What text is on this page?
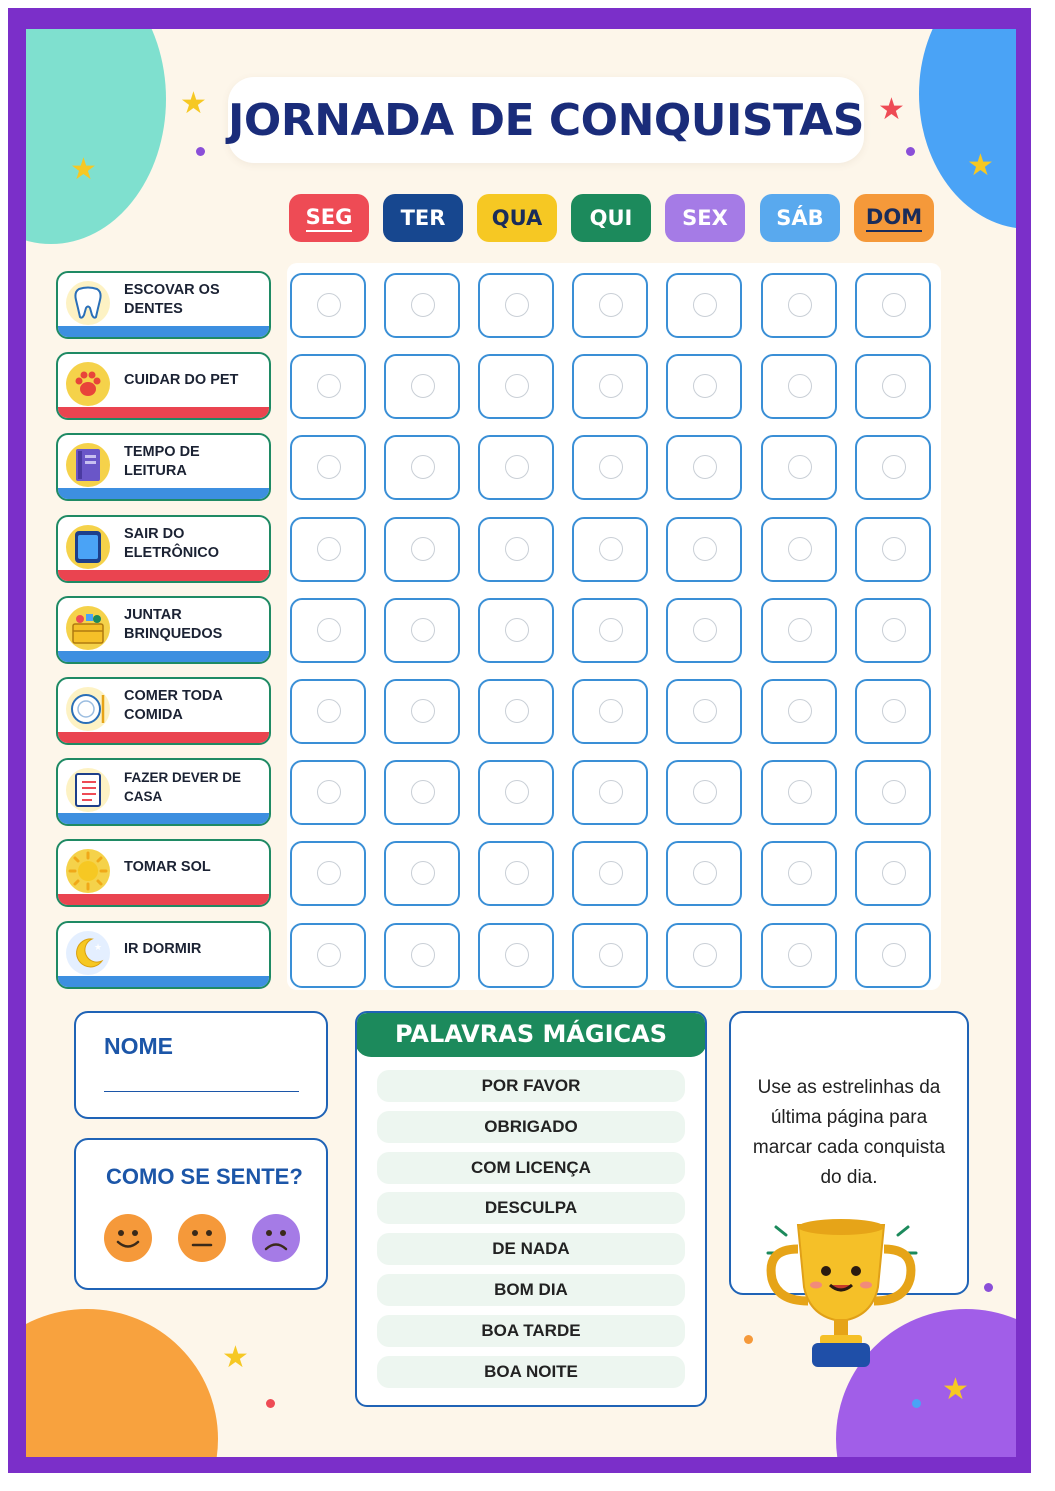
★
★
★
★
★
★
JORNADA DE CONQUISTAS
ESCOVAR OS DENTES
CUIDAR DO PET
TEMPO DE LEITURA
SAIR DO ELETRÔNICO
JUNTAR BRINQUEDOS
COMER TODA COMIDA
FAZER DEVER DE CASA
TOMAR SOL
★ IR DORMIR
NOME
COMO SE SENTE?
PALAVRAS MÁGICAS
POR FAVOR
OBRIGADO
COM LICENÇA
DESCULPA
DE NADA
BOM DIA
BOA TARDE
BOA NOITE
Use as estrelinhas da última página para marcar cada conquista do dia.
SEG TER QUA QUI SEX SÁB DOM
